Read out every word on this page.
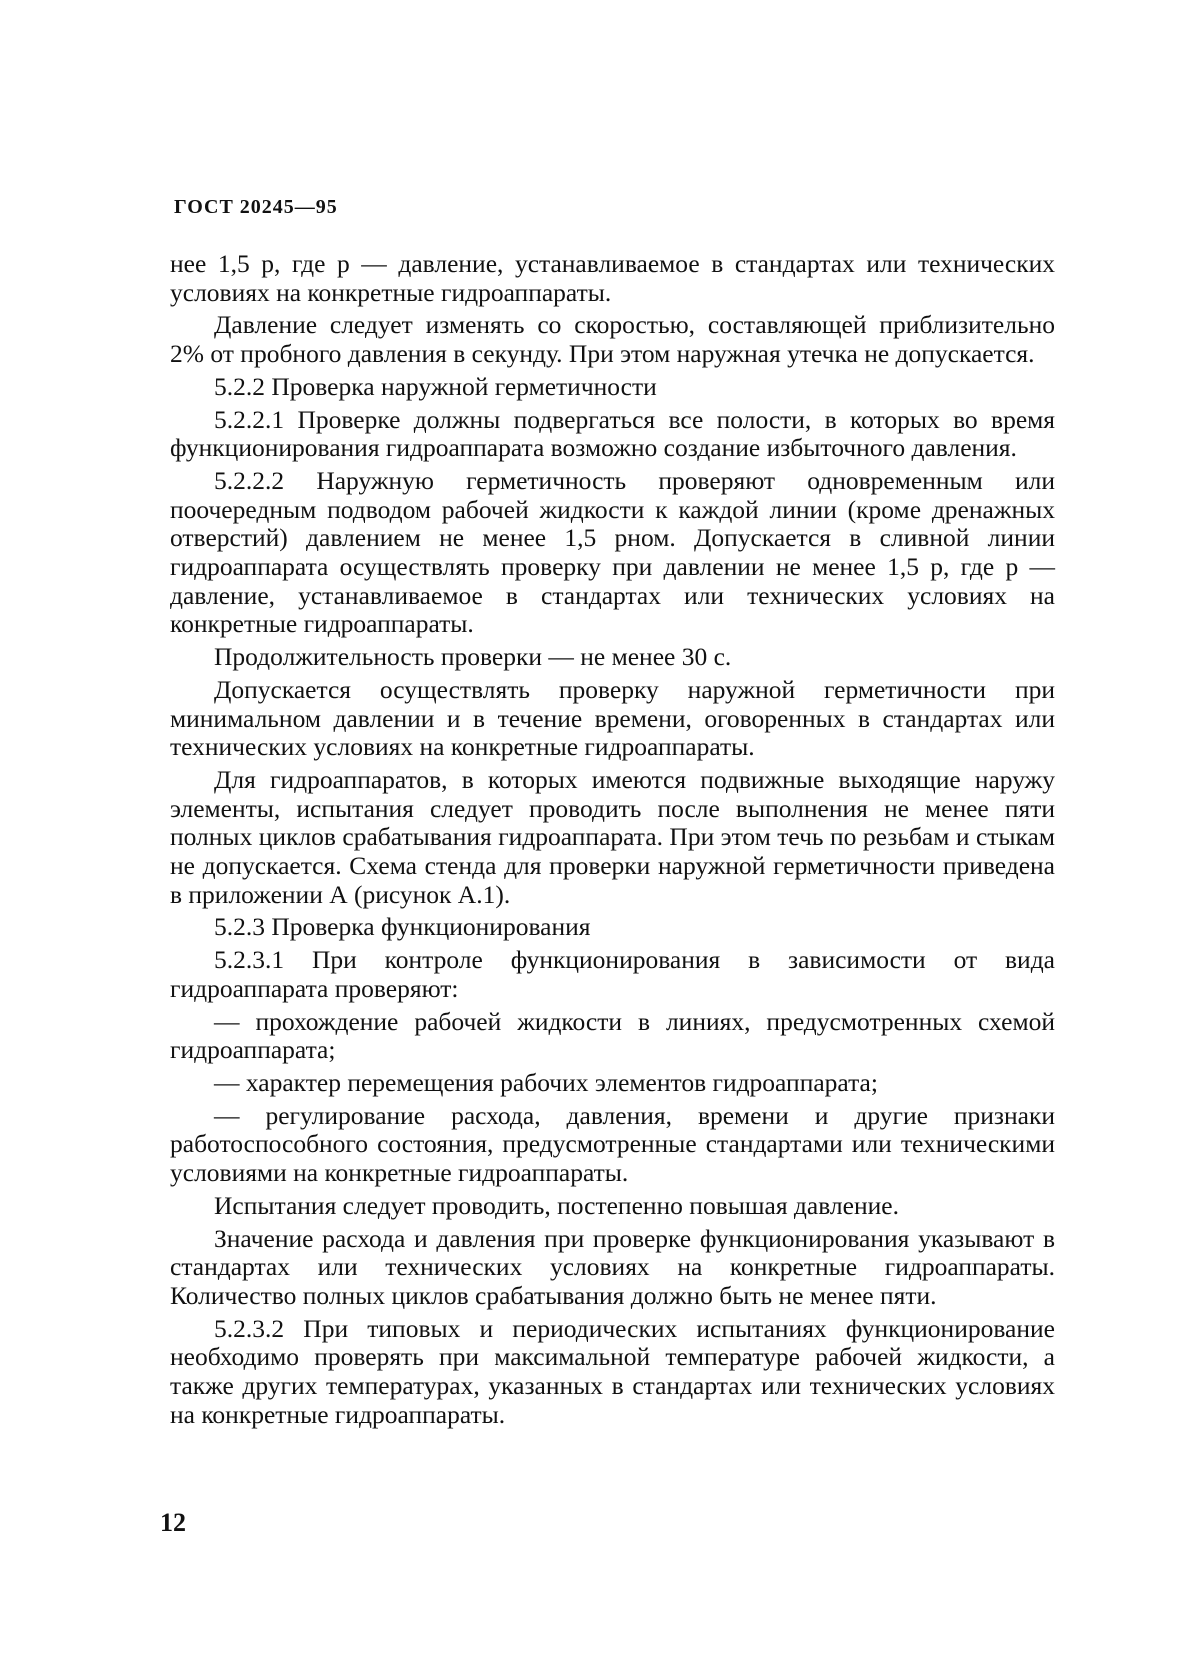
ГОСТ 20245—95

нее 1,5 p, где p — давление, устанавливаемое в стандартах или технических условиях на конкретные гидроаппараты.

Давление следует изменять со скоростью, составляющей приблизительно 2% от пробного давления в секунду. При этом наружная утечка не допускается.

5.2.2 Проверка наружной герметичности

5.2.2.1 Проверке должны подвергаться все полости, в которых во время функционирования гидроаппарата возможно создание избыточного давления.

5.2.2.2 Наружную герметичность проверяют одновременным или поочередным подводом рабочей жидкости к каждой линии (кроме дренажных отверстий) давлением не менее 1,5 pном. Допускается в сливной линии гидроаппарата осуществлять проверку при давлении не менее 1,5 p, где p — давление, устанавливаемое в стандартах или технических условиях на конкретные гидроаппараты.

Продолжительность проверки — не менее 30 с.

Допускается осуществлять проверку наружной герметичности при минимальном давлении и в течение времени, оговоренных в стандартах или технических условиях на конкретные гидроаппараты.

Для гидроаппаратов, в которых имеются подвижные выходящие наружу элементы, испытания следует проводить после выполнения не менее пяти полных циклов срабатывания гидроаппарата. При этом течь по резьбам и стыкам не допускается. Схема стенда для проверки наружной герметичности приведена в приложении А (рисунок А.1).

5.2.3 Проверка функционирования

5.2.3.1 При контроле функционирования в зависимости от вида гидроаппарата проверяют:

— прохождение рабочей жидкости в линиях, предусмотренных схемой гидроаппарата;

— характер перемещения рабочих элементов гидроаппарата;

— регулирование расхода, давления, времени и другие признаки работоспособного состояния, предусмотренные стандартами или техническими условиями на конкретные гидроаппараты.

Испытания следует проводить, постепенно повышая давление.

Значение расхода и давления при проверке функционирования указывают в стандартах или технических условиях на конкретные гидроаппараты. Количество полных циклов срабатывания должно быть не менее пяти.

5.2.3.2 При типовых и периодических испытаниях функционирование необходимо проверять при максимальной температуре рабочей жидкости, а также других температурах, указанных в стандартах или технических условиях на конкретные гидроаппараты.

12
